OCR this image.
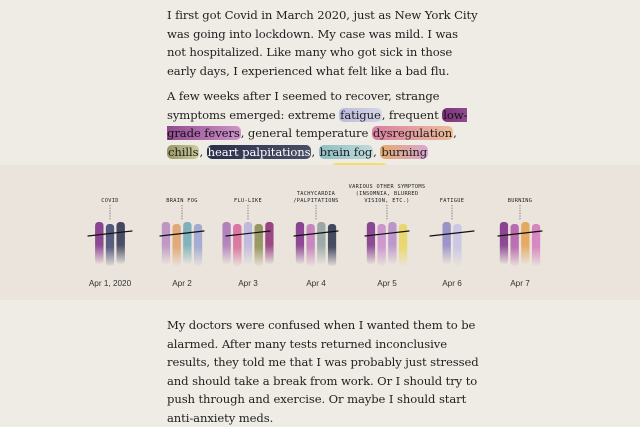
I first got Covid in March 2020, just as New York City was going into lockdown. My case was mild. I was not hospitalized. Like many who got sick in those early days, I experienced what felt like a bad flu.

A few weeks after I seemed to recover, strange symptoms emerged: extreme fatigue, frequent low-grade fevers, general temperature dysregulation, chills, heart palpitations, brain fog, burning

COVID
Apr 1, 2020
BRAIN FOG
Apr 2
FLU-LIKE
Apr 3
TACHYCARDIA /PALPITATIONS
Apr 4
VARIOUS OTHER SYMPTOMS (INSOMNIA, BLURRED VISION, ETC.)
Apr 5
FATIGUE
Apr 6
BURNING
Apr 7

My doctors were confused when I wanted them to be alarmed. After many tests returned inconclusive results, they told me that I was probably just stressed and should take a break from work. Or I should try to push through and exercise. Or maybe I should start anti-anxiety meds.
